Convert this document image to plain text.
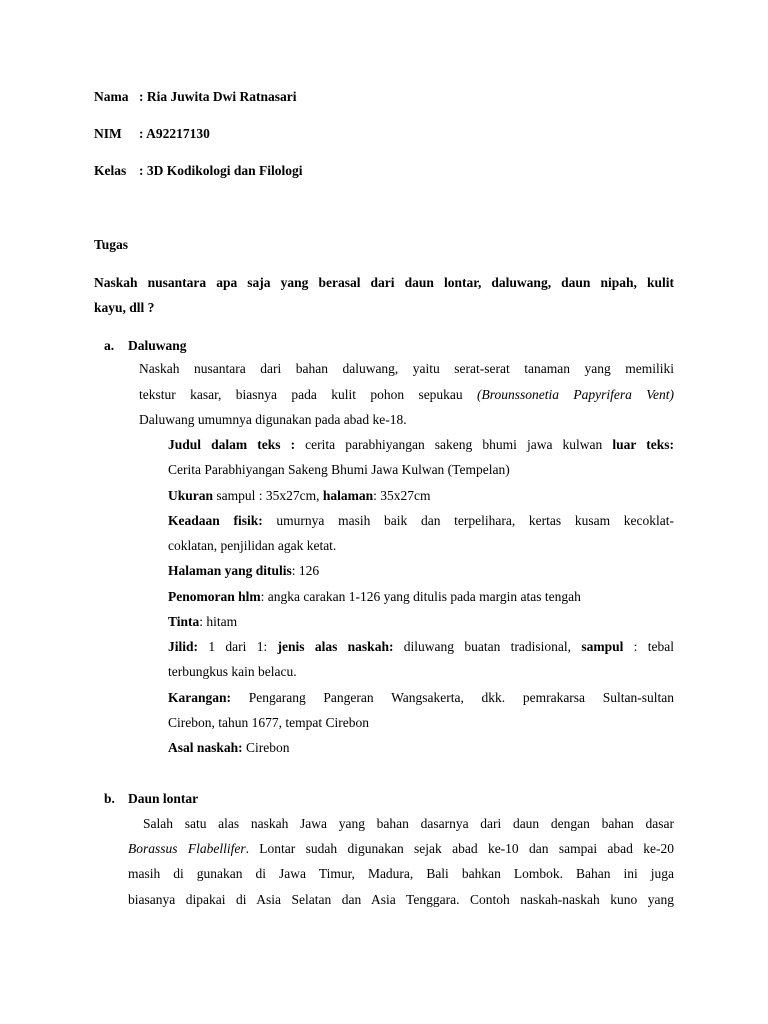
Nama : Ria Juwita Dwi Ratnasari
NIM : A92217130
Kelas : 3D Kodikologi dan Filologi
Tugas
Naskah nusantara apa saja yang berasal dari daun lontar, daluwang, daun nipah, kulit
kayu, dll ?
a. Daluwang
Naskah nusantara dari bahan daluwang, yaitu serat-serat tanaman yang memiliki
tekstur kasar, biasnya pada kulit pohon sepukau (Brounssonetia Papyrifera Vent)
Daluwang umumnya digunakan pada abad ke-18.
Judul dalam teks : cerita parabhiyangan sakeng bhumi jawa kulwan luar teks:
Cerita Parabhiyangan Sakeng Bhumi Jawa Kulwan (Tempelan)
Ukuran sampul : 35x27cm, halaman: 35x27cm
Keadaan fisik: umurnya masih baik dan terpelihara, kertas kusam kecoklat-
coklatan, penjilidan agak ketat.
Halaman yang ditulis: 126
Penomoran hlm: angka carakan 1-126 yang ditulis pada margin atas tengah
Tinta: hitam
Jilid: 1 dari 1: jenis alas naskah: diluwang buatan tradisional, sampul : tebal
terbungkus kain belacu.
Karangan: Pengarang Pangeran Wangsakerta, dkk. pemrakarsa Sultan-sultan
Cirebon, tahun 1677, tempat Cirebon
Asal naskah: Cirebon
b. Daun lontar
Salah satu alas naskah Jawa yang bahan dasarnya dari daun dengan bahan dasar
Borassus Flabellifer. Lontar sudah digunakan sejak abad ke-10 dan sampai abad ke-20
masih di gunakan di Jawa Timur, Madura, Bali bahkan Lombok. Bahan ini juga
biasanya dipakai di Asia Selatan dan Asia Tenggara. Contoh naskah-naskah kuno yang
